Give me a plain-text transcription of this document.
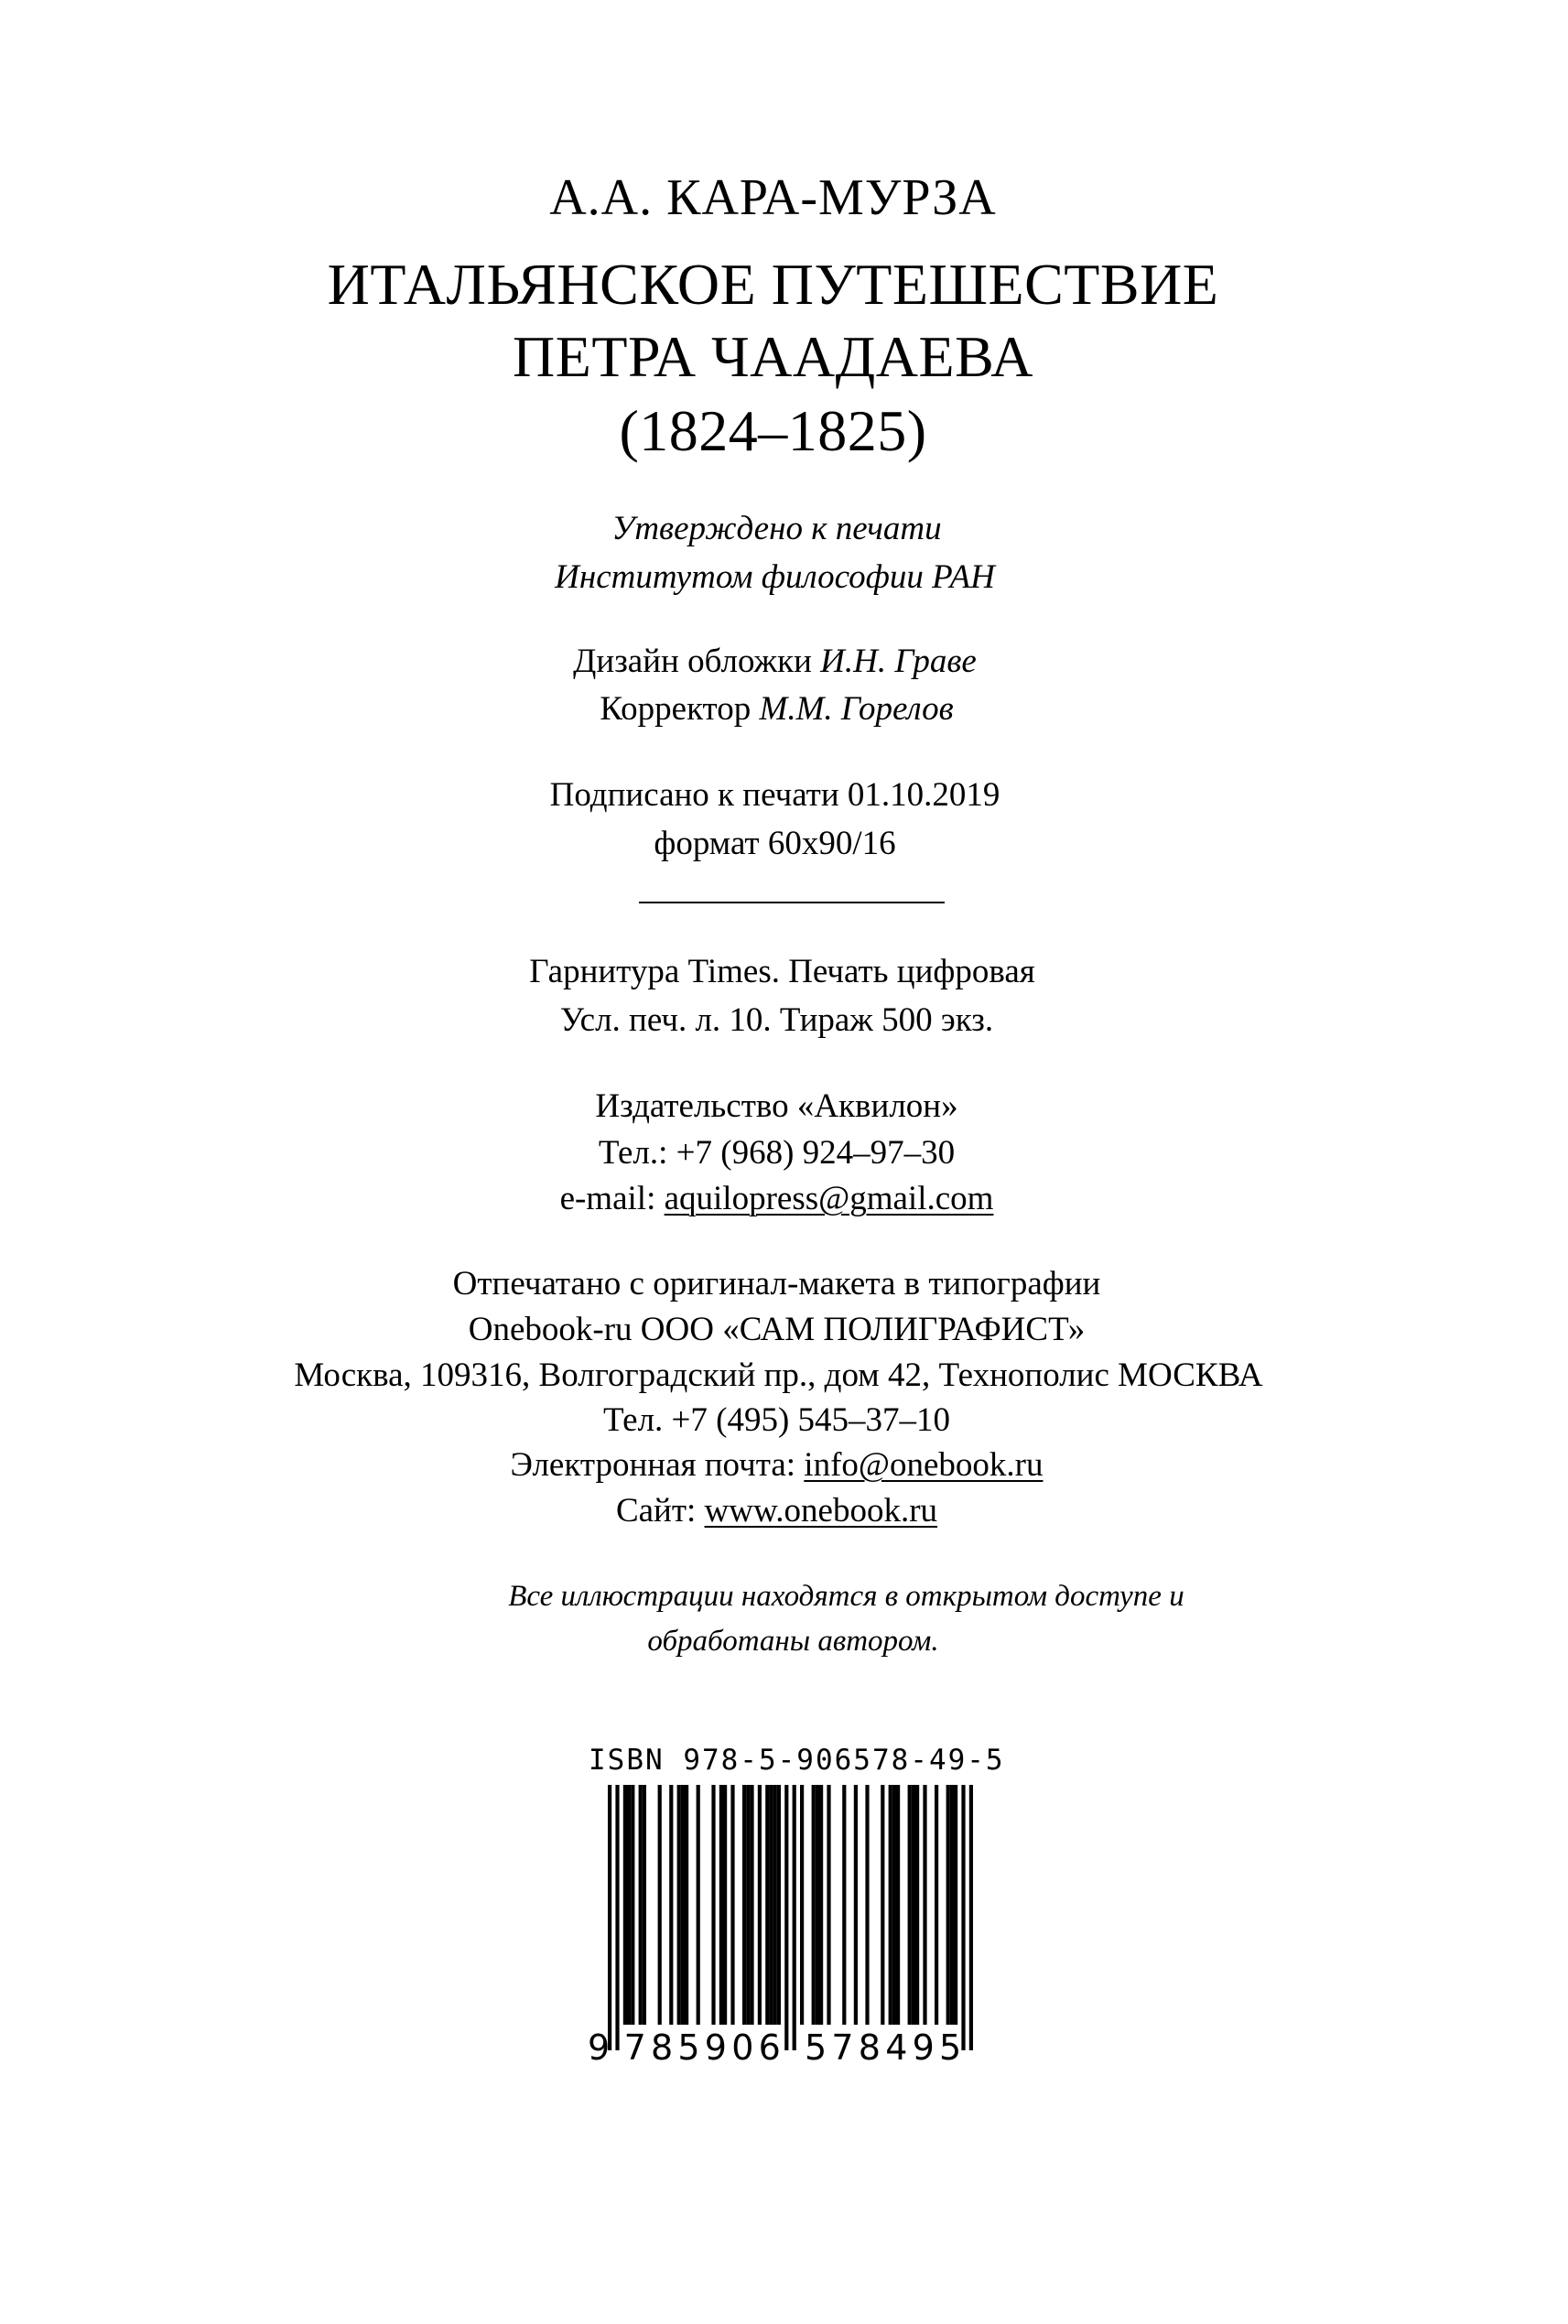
А.А. КАРА-МУРЗА
ИТАЛЬЯНСКОЕ ПУТЕШЕСТВИЕ
ПЕТРА ЧААДАЕВА
(1824–1825)
Утверждено к печати
Институтом философии РАН
Дизайн обложки И.Н. Граве
Корректор М.М. Горелов
Подписано к печати 01.10.2019
формат 60х90/16
Гарнитура Times. Печать цифровая
Усл. печ. л. 10. Тираж 500 экз.
Издательство «Аквилон»
Тел.: +7 (968) 924–97–30
e-mail: aquilopress@gmail.com
Отпечатано с оригинал-макета в типографии
Onebook-ru ООО «САМ ПОЛИГРАФИСТ»
Москва, 109316, Волгоградский пр., дом 42, Технополис МОСКВА
Тел. +7 (495) 545–37–10
Электронная почта: info@onebook.ru
Сайт: www.onebook.ru
Все иллюстрации находятся в открытом доступе и
обработаны автором.
ISBN 978-5-906578-49-5
9 7 8 5 9 0 6 5 7 8 4 9 5
